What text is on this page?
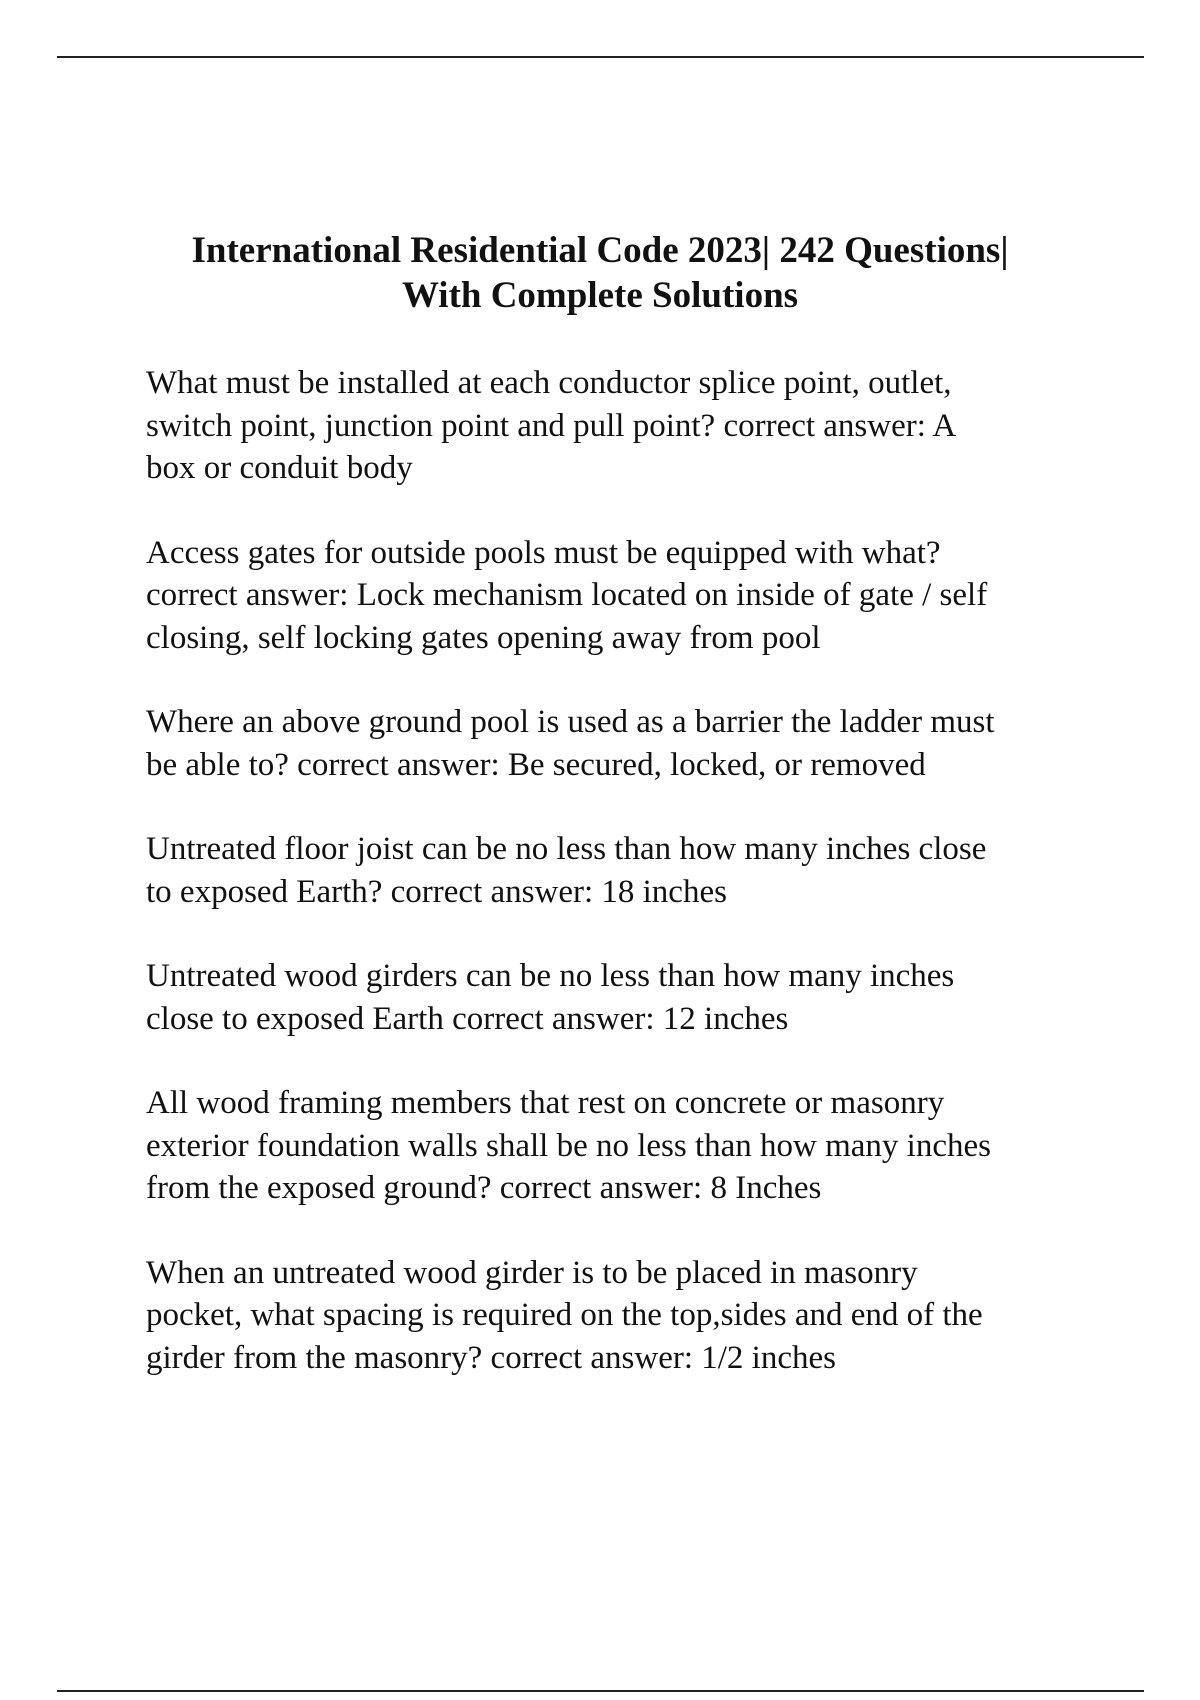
International Residential Code 2023| 242 Questions|
With Complete Solutions

What must be installed at each conductor splice point, outlet,
switch point, junction point and pull point? correct answer: A
box or conduit body

Access gates for outside pools must be equipped with what?
correct answer: Lock mechanism located on inside of gate / self
closing, self locking gates opening away from pool

Where an above ground pool is used as a barrier the ladder must
be able to? correct answer: Be secured, locked, or removed

Untreated floor joist can be no less than how many inches close
to exposed Earth? correct answer: 18 inches

Untreated wood girders can be no less than how many inches
close to exposed Earth correct answer: 12 inches

All wood framing members that rest on concrete or masonry
exterior foundation walls shall be no less than how many inches
from the exposed ground? correct answer: 8 Inches

When an untreated wood girder is to be placed in masonry
pocket, what spacing is required on the top,sides and end of the
girder from the masonry? correct answer: 1/2 inches
